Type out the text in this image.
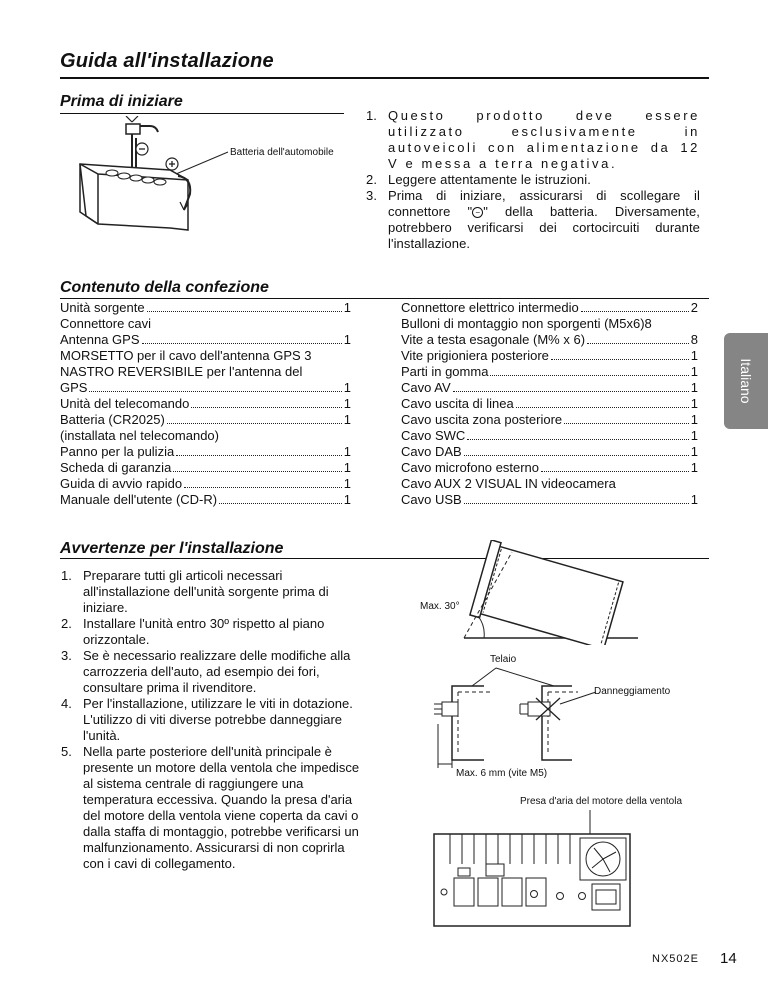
Guida all'installazione
Italiano
Prima di iniziare
Batteria dell'automobile
1. Questo prodotto deve essere utilizzato esclusivamente in autoveicoli con alimentazione da 12 V e messa a terra negativa.
2. Leggere attentamente le istruzioni.
3. Prima di iniziare, assicurarsi di scollegare il connettore " − " della batteria. Diversamente, potrebbero verificarsi dei cortocircuiti durante l'installazione.
Contenuto della confezione
Unità sorgente	1
Connettore cavi
Antenna GPS	1
MORSETTO per il cavo dell'antenna GPS 3
NASTRO REVERSIBILE per l'antenna del
GPS	1
Unità del telecomando	1
Batteria (CR2025)	1
(installata nel telecomando)
Panno per la pulizia	1
Scheda di garanzia	1
Guida di avvio rapido	1
Manuale dell'utente (CD-R)	1
Connettore elettrico intermedio	2
Bulloni di montaggio non sporgenti (M5x6)8
Vite a testa esagonale (M% x 6)	8
Vite prigioniera posteriore	1
Parti in gomma	1
Cavo AV	1
Cavo uscita di linea	1
Cavo uscita zona posteriore	1
Cavo SWC	1
Cavo DAB	1
Cavo microfono esterno	1
Cavo AUX 2 VISUAL IN videocamera
Cavo USB	1
Avvertenze per l'installazione
1. Preparare tutti gli articoli necessari all'installazione dell'unità sorgente prima di iniziare.
2. Installare l'unità entro 30º rispetto al piano orizzontale.
3. Se è necessario realizzare delle modifiche alla carrozzeria dell'auto, ad esempio dei fori, consultare prima il rivenditore.
4. Per l'installazione, utilizzare le viti in dotazione. L'utilizzo di viti diverse potrebbe danneggiare l'unità.
5. Nella parte posteriore dell'unità principale è presente un motore della ventola che impedisce al sistema centrale di raggiungere una temperatura eccessiva. Quando la presa d'aria del motore della ventola viene coperta da cavi o dalla staffa di montaggio, potrebbe verificarsi un malfunzionamento. Assicurarsi di non coprirla con i cavi di collegamento.
Max. 30°
Telaio
Danneggiamento
Max. 6 mm (vite M5)
Presa d'aria del motore della ventola
NX502E 14
